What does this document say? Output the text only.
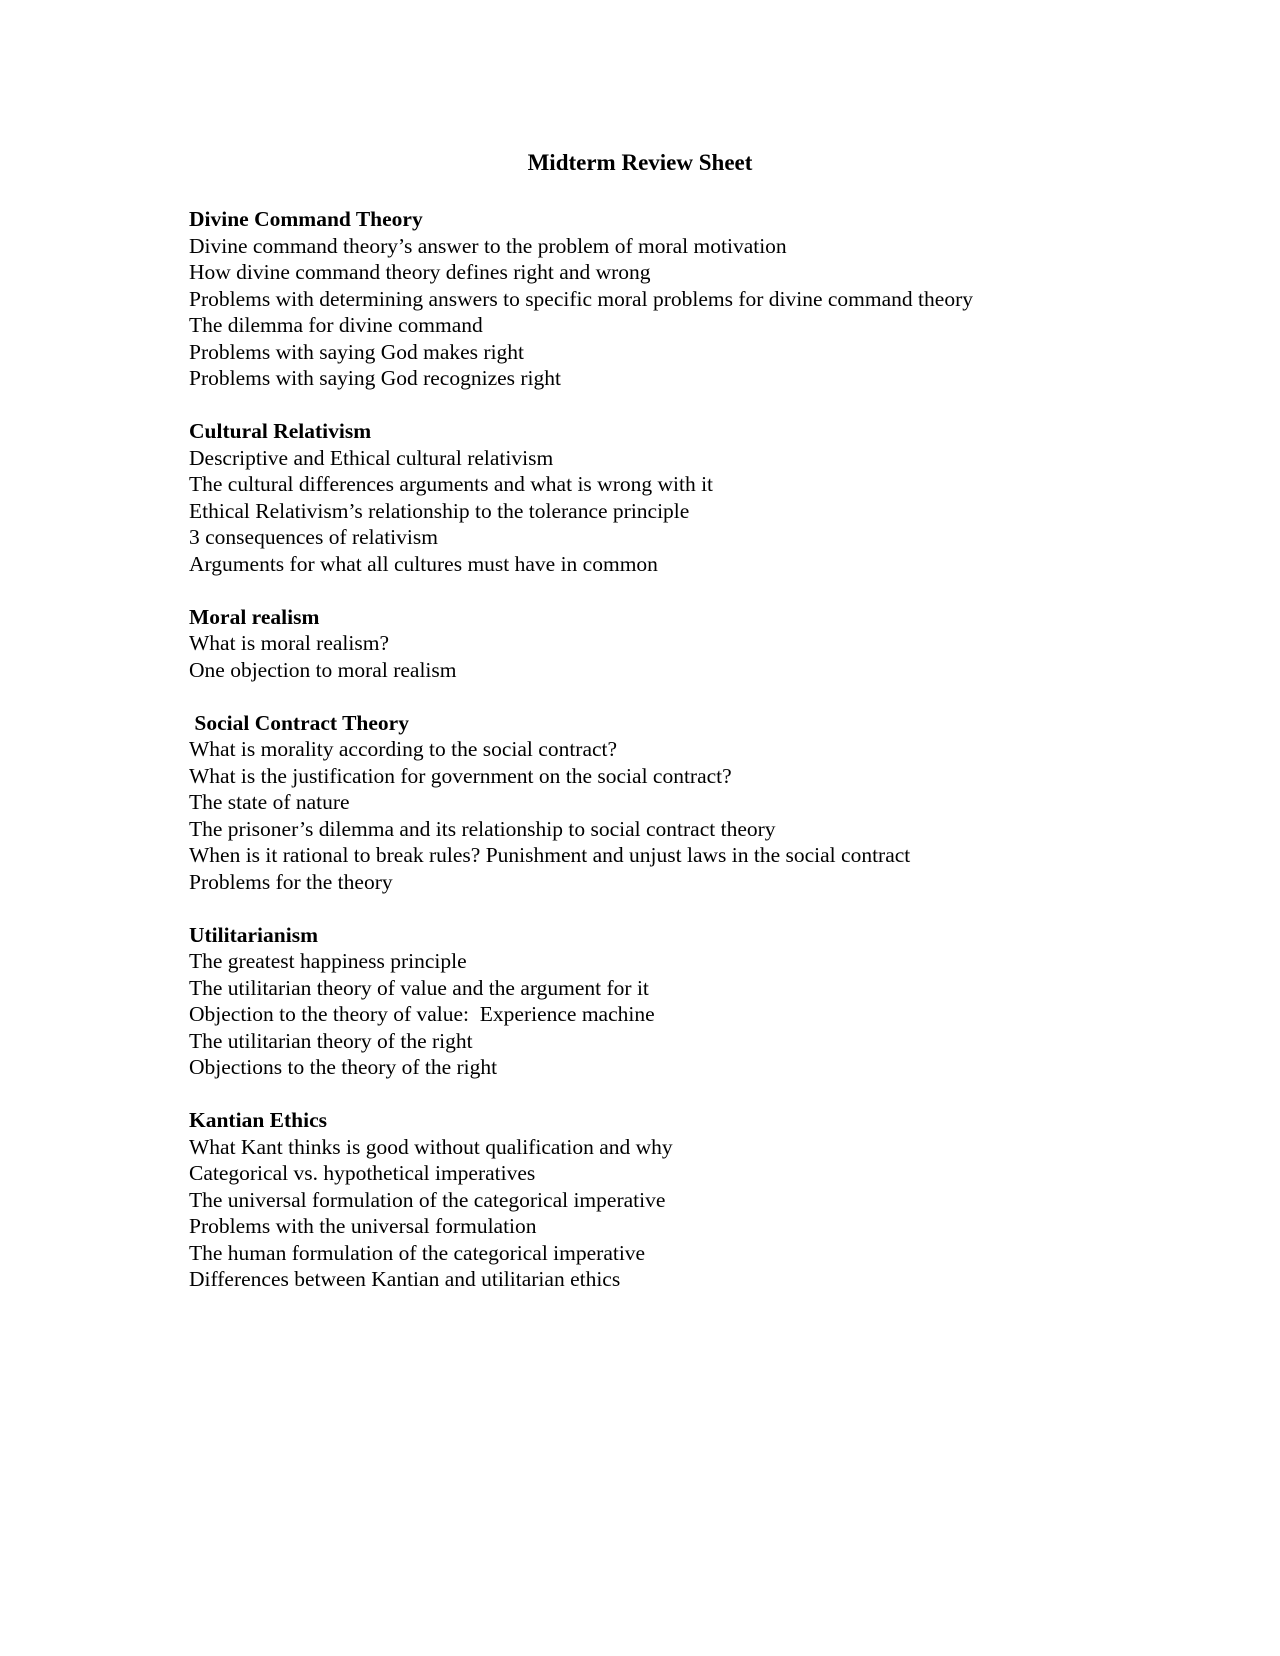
Midterm Review Sheet
Divine Command Theory
Divine command theory’s answer to the problem of moral motivation
How divine command theory defines right and wrong
Problems with determining answers to specific moral problems for divine command theory
The dilemma for divine command
Problems with saying God makes right
Problems with saying God recognizes right
Cultural Relativism
Descriptive and Ethical cultural relativism
The cultural differences arguments and what is wrong with it
Ethical Relativism’s relationship to the tolerance principle
3 consequences of relativism
Arguments for what all cultures must have in common
Moral realism
What is moral realism?
One objection to moral realism
Social Contract Theory
What is morality according to the social contract?
What is the justification for government on the social contract?
The state of nature
The prisoner’s dilemma and its relationship to social contract theory
When is it rational to break rules? Punishment and unjust laws in the social contract
Problems for the theory
Utilitarianism
The greatest happiness principle
The utilitarian theory of value and the argument for it
Objection to the theory of value:  Experience machine
The utilitarian theory of the right
Objections to the theory of the right
Kantian Ethics
What Kant thinks is good without qualification and why
Categorical vs. hypothetical imperatives
The universal formulation of the categorical imperative
Problems with the universal formulation
The human formulation of the categorical imperative
Differences between Kantian and utilitarian ethics
